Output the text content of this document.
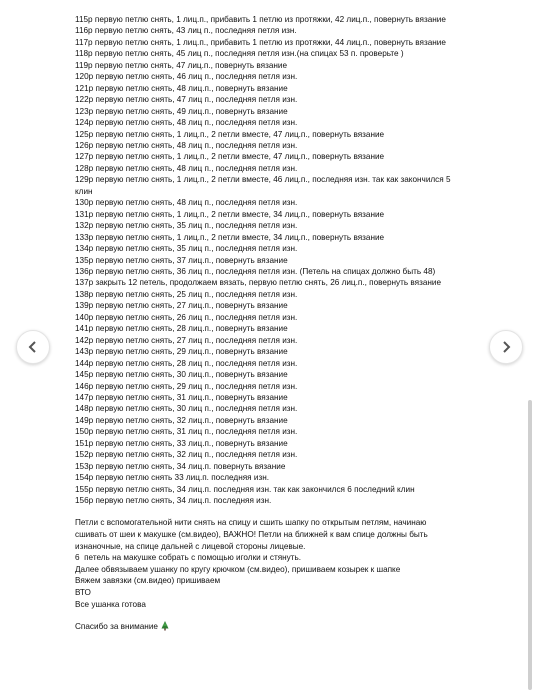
115р первую петлю снять, 1 лиц.п., прибавить 1 петлю из протяжки, 42 лиц.п., повернуть вязание
116р первую петлю снять, 43 лиц п., последняя петля изн.
117р первую петлю снять, 1 лиц.п., прибавить 1 петлю из протяжки, 44 лиц.п., повернуть вязание
118р первую петлю снять, 45 лиц п., последняя петля изн.(на спицах 53 п. проверьте )
119р первую петлю снять, 47 лиц.п., повернуть вязание
120р первую петлю снять, 46 лиц п., последняя петля изн.
121р первую петлю снять, 48 лиц.п., повернуть вязание
122р первую петлю снять, 47 лиц п., последняя петля изн.
123р первую петлю снять, 49 лиц.п., повернуть вязание
124р первую петлю снять, 48 лиц п., последняя петля изн.
125р первую петлю снять, 1 лиц.п., 2 петли вместе, 47 лиц.п., повернуть вязание
126р первую петлю снять, 48 лиц п., последняя петля изн.
127р первую петлю снять, 1 лиц.п., 2 петли вместе, 47 лиц.п., повернуть вязание
128р первую петлю снять, 48 лиц п., последняя петля изн.
129р первую петлю снять, 1 лиц.п., 2 петли вместе, 46 лиц.п., последняя изн. так как закончился 5
клин
130р первую петлю снять, 48 лиц п., последняя петля изн.
131р первую петлю снять, 1 лиц.п., 2 петли вместе, 34 лиц.п., повернуть вязание
132р первую петлю снять, 35 лиц п., последняя петля изн.
133р первую петлю снять, 1 лиц.п., 2 петли вместе, 34 лиц.п., повернуть вязание
134р первую петлю снять, 35 лиц п., последняя петля изн.
135р первую петлю снять, 37 лиц.п., повернуть вязание
136р первую петлю снять, 36 лиц п., последняя петля изн. (Петель на спицах должно быть 48)
137р закрыть 12 петель, продолжаем вязать, первую петлю снять, 26 лиц.п., повернуть вязание
138р первую петлю снять, 25 лиц п., последняя петля изн.
139р первую петлю снять, 27 лиц.п., повернуть вязание
140р первую петлю снять, 26 лиц п., последняя петля изн.
141р первую петлю снять, 28 лиц.п., повернуть вязание
142р первую петлю снять, 27 лиц п., последняя петля изн.
143р первую петлю снять, 29 лиц.п., повернуть вязание
144р первую петлю снять, 28 лиц п., последняя петля изн.
145р первую петлю снять, 30 лиц.п., повернуть вязание
146р первую петлю снять, 29 лиц п., последняя петля изн.
147р первую петлю снять, 31 лиц.п., повернуть вязание
148р первую петлю снять, 30 лиц п., последняя петля изн.
149р первую петлю снять, 32 лиц.п., повернуть вязание
150р первую петлю снять, 31 лиц п., последняя петля изн.
151р первую петлю снять, 33 лиц.п., повернуть вязание
152р первую петлю снять, 32 лиц п., последняя петля изн.
153р первую петлю снять, 34 лиц.п. повернуть вязание
154р первую петлю снять 33 лиц.п. последняя изн.
155р первую петлю снять, 34 лиц.п. последняя изн. так как закончился 6 последний клин
156р первую петлю снять, 34 лиц.п. последняя изн.
Петли с вспомогательной нити снять на спицу и сшить шапку по открытым петлям, начинаю
сшивать от шеи к макушке (см.видео), ВАЖНО! Петли на ближней к вам спице должны быть
изнаночные, на спице дальней с лицевой стороны лицевые.
6  петель на макушке собрать с помощью иголки и стянуть.
Далее обвязываем ушанку по кругу крючком (см.видео), пришиваем козырек к шапке
Вяжем завязки (см.видео) пришиваем
ВТО
Все ушанка готова
Спасибо за внимание
